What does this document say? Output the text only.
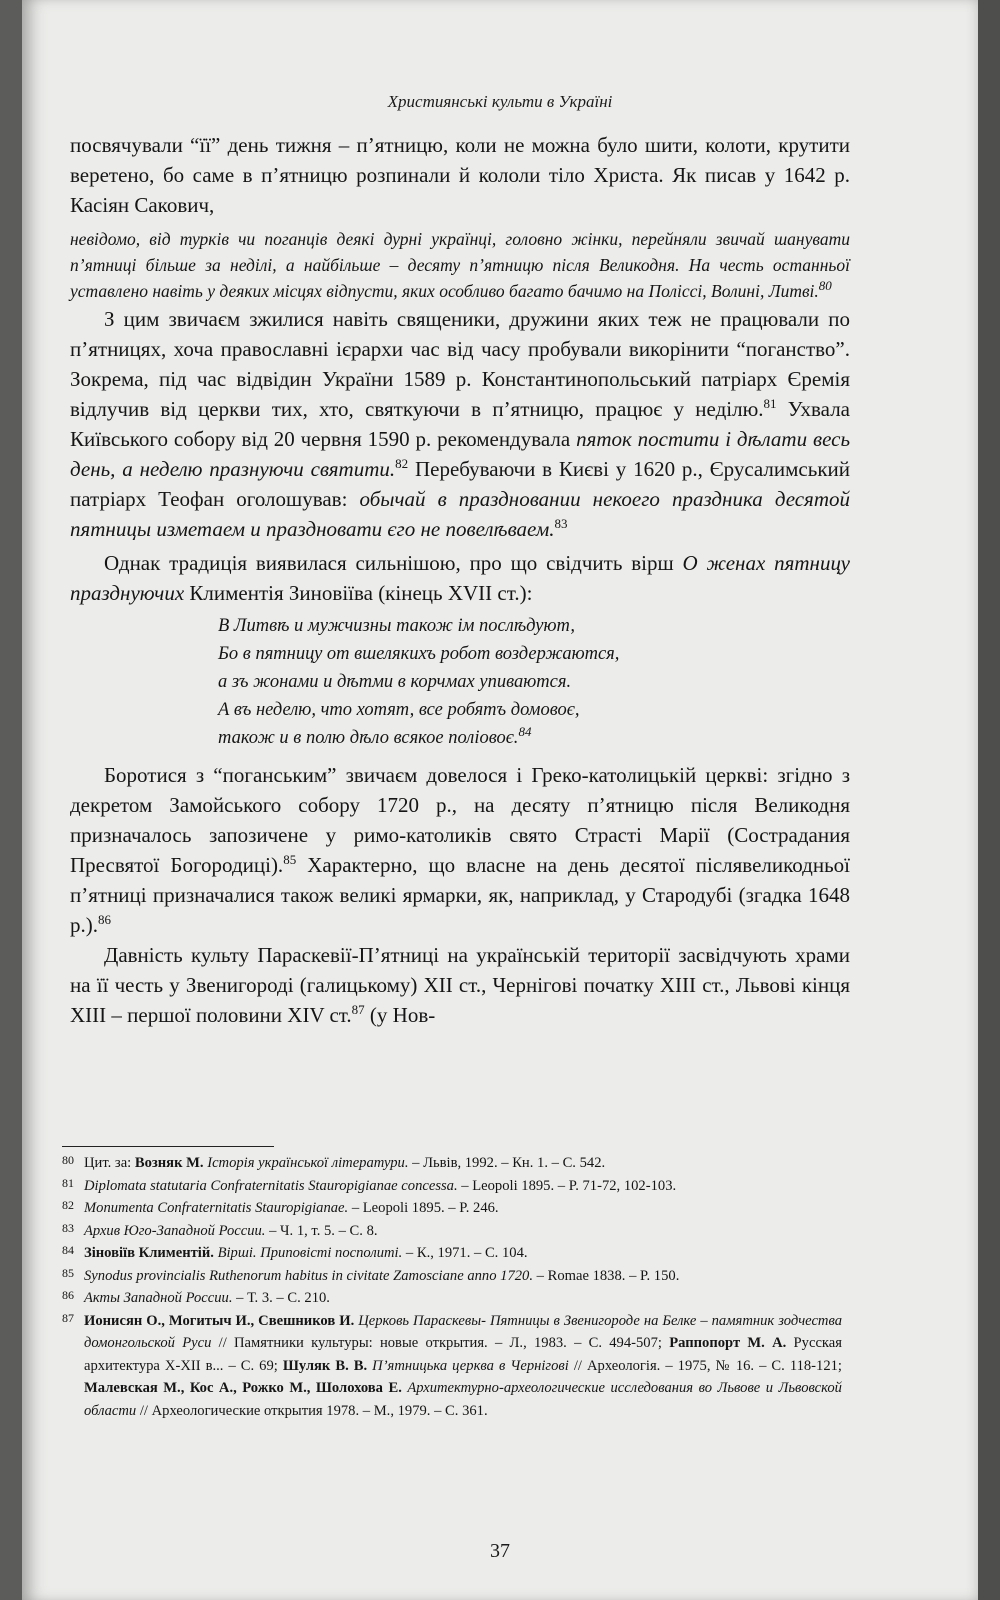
Християнські культи в Україні

посвячували “її” день тижня – п’ятницю, коли не можна було шити, колоти, крутити веретено, бо саме в п’ятницю розпинали й кололи тіло Христа. Як писав у 1642 р. Касіян Сакович,

невідомо, від турків чи поганців деякі дурні українці, головно жінки, перейняли звичай шанувати п’ятниці більше за неділі, а найбільше – десяту п’ятницю після Великодня. На честь останньої уставлено навіть у деяких місцях відпусти, яких особливо багато бачимо на Поліссі, Волині, Литві.$^{80}$

З цим звичаєм зжилися навіть священики, дружини яких теж не працювали по п’ятницях, хоча православні ієрархи час від часу пробували викорінити “поганство”. Зокрема, під час відвідин України 1589 р. Константинопольський патріарх Єремія відлучив від церкви тих, хто, святкуючи в п’ятницю, працює у неділю.$^{81}$ Ухвала Київського собору від 20 червня 1590 р. рекомендувала пяток постити і дѣлати весь день, а неделю празнуючи святити.$^{82}$ Перебуваючи в Києві у 1620 р., Єрусалимський патріарх Теофан оголошував: обычай в праздновании некоего праздника десятой пятницы изметаем и праздновати єго не повелѣваем.$^{83}$

Однак традиція виявилася сильнішою, про що свідчить вірш О женах пятницу празднуючих Климентія Зиновіїва (кінець XVII ст.):

В Литвѣ и мужчизны також ім послѣдуют,
Бо в пятницу от вшелякихъ робот воздержаются,
а зъ жонами и дѣтми в корчмах упиваются.
А въ неделю, что хотят, все робятъ домовоє,
також и в полю дѣло всякое поліовоє.$^{84}$

Боротися з “поганським” звичаєм довелося і Греко-католицькій церкві: згідно з декретом Замойського собору 1720 р., на десяту п’ятницю після Великодня призначалось запозичене у римо-католиків свято Страсті Марії (Сострадания Пресвятої Богородиці).$^{85}$ Характерно, що власне на день десятої післявеликодньої п’ятниці призначалися також великі ярмарки, як, наприклад, у Стародубі (згадка 1648 р.).$^{86}$

Давність культу Параскевії-П’ятниці на українській території засвідчують храми на її честь у Звенигороді (галицькому) XII ст., Чернігові початку XIII ст., Львові кінця XIII – першої половини XIV ст.$^{87}$ (у Нов-

80 Цит. за: Возняк М. Історія української літератури. – Львів, 1992. – Кн. 1. – С. 542.
81 Diplomata statutaria Confraternitatis Stauropigianae concessa. – Leopoli 1895. – P. 71-72, 102-103.
82 Monumenta Confraternitatis Stauropigianae. – Leopoli 1895. – P. 246.
83 Архив Юго-Западной России. – Ч. 1, т. 5. – С. 8.
84 Зіновіїв Климентій. Вірші. Приповісті посполиті. – К., 1971. – С. 104.
85 Synodus provincialis Ruthenorum habitus in civitate Zamosciane anno 1720. – Romae 1838. – P. 150.
86 Акты Западной России. – Т. 3. – С. 210.
87 Ионисян О., Могитыч И., Свешников И. Церковь Параскевы- Пятницы в Звенигороде на Белке – памятник зодчества домонгольской Руси // Памятники культуры: новые открытия. – Л., 1983. – С. 494-507; Раппопорт М. А. Русская архитектура X-XII в... – С. 69; Шуляк В. В. П’ятницька церква в Чернігові // Археологія. – 1975, № 16. – С. 118-121; Малевская М., Кос А., Рожко М., Шолохова Е. Архитектурно-археологические исследования во Львове и Львовской области // Археологические открытия 1978. – М., 1979. – С. 361.
37
